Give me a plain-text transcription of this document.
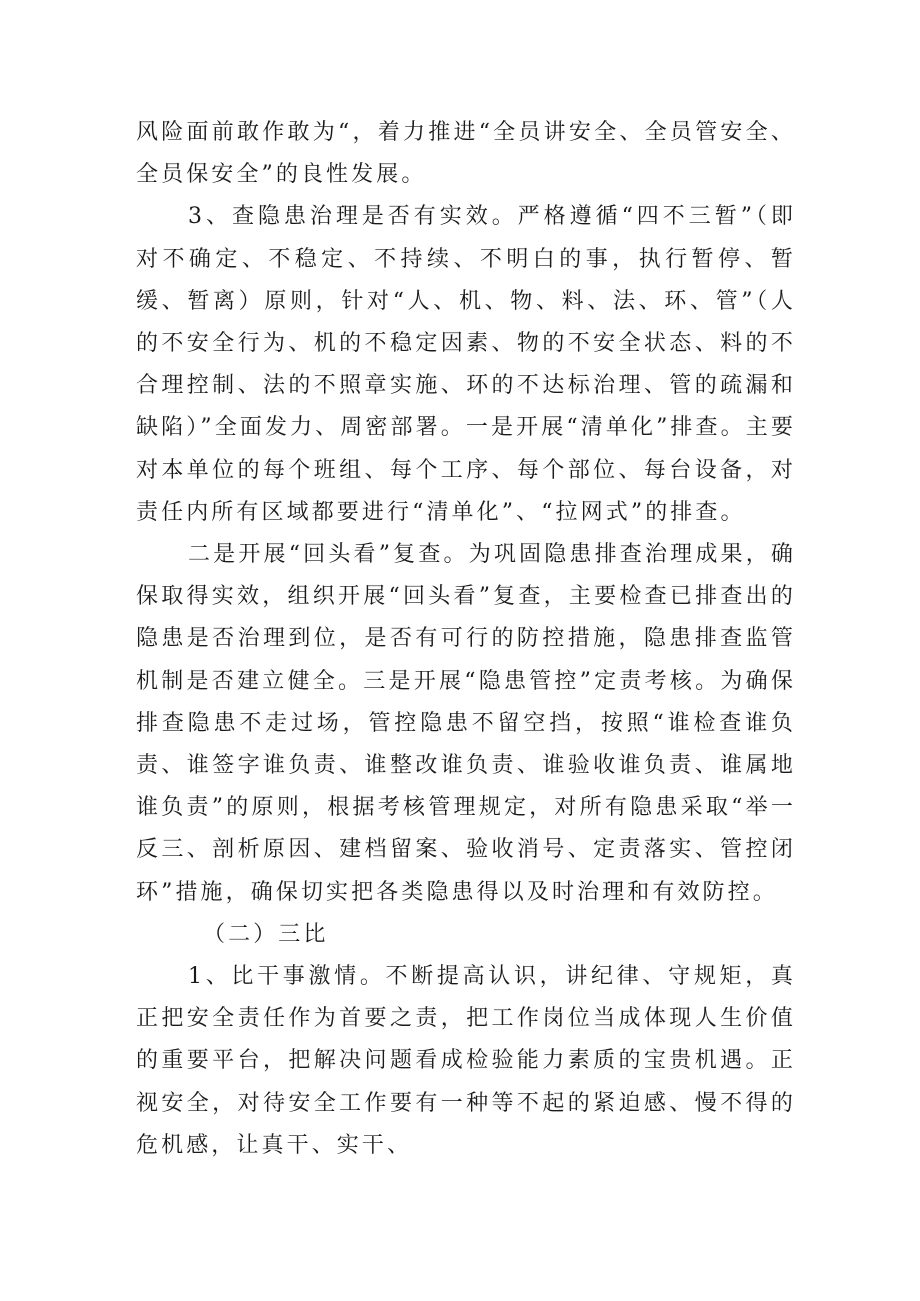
风险面前敢作敢为“，着力推进“全员讲安全、全员管安全、全员保安全”的良性发展。

3、查隐患治理是否有实效。严格遵循“四不三暂”（即对不确定、不稳定、不持续、不明白的事，执行暂停、暂缓、暂离）原则，针对“人、机、物、料、法、环、管”（人的不安全行为、机的不稳定因素、物的不安全状态、料的不合理控制、法的不照章实施、环的不达标治理、管的疏漏和缺陷）”全面发力、周密部署。一是开展“清单化”排查。主要对本单位的每个班组、每个工序、每个部位、每台设备，对责任内所有区域都要进行“清单化”、“拉网式”的排查。

二是开展“回头看”复查。为巩固隐患排查治理成果，确保取得实效，组织开展“回头看”复查，主要检查已排查出的隐患是否治理到位，是否有可行的防控措施，隐患排查监管机制是否建立健全。三是开展“隐患管控”定责考核。为确保排查隐患不走过场，管控隐患不留空挡，按照“谁检查谁负责、谁签字谁负责、谁整改谁负责、谁验收谁负责、谁属地谁负责”的原则，根据考核管理规定，对所有隐患采取“举一反三、剖析原因、建档留案、验收消号、定责落实、管控闭环”措施，确保切实把各类隐患得以及时治理和有效防控。

（二）三比

1、比干事激情。不断提高认识，讲纪律、守规矩，真正把安全责任作为首要之责，把工作岗位当成体现人生价值的重要平台，把解决问题看成检验能力素质的宝贵机遇。正视安全，对待安全工作要有一种等不起的紧迫感、慢不得的危机感，让真干、实干、
